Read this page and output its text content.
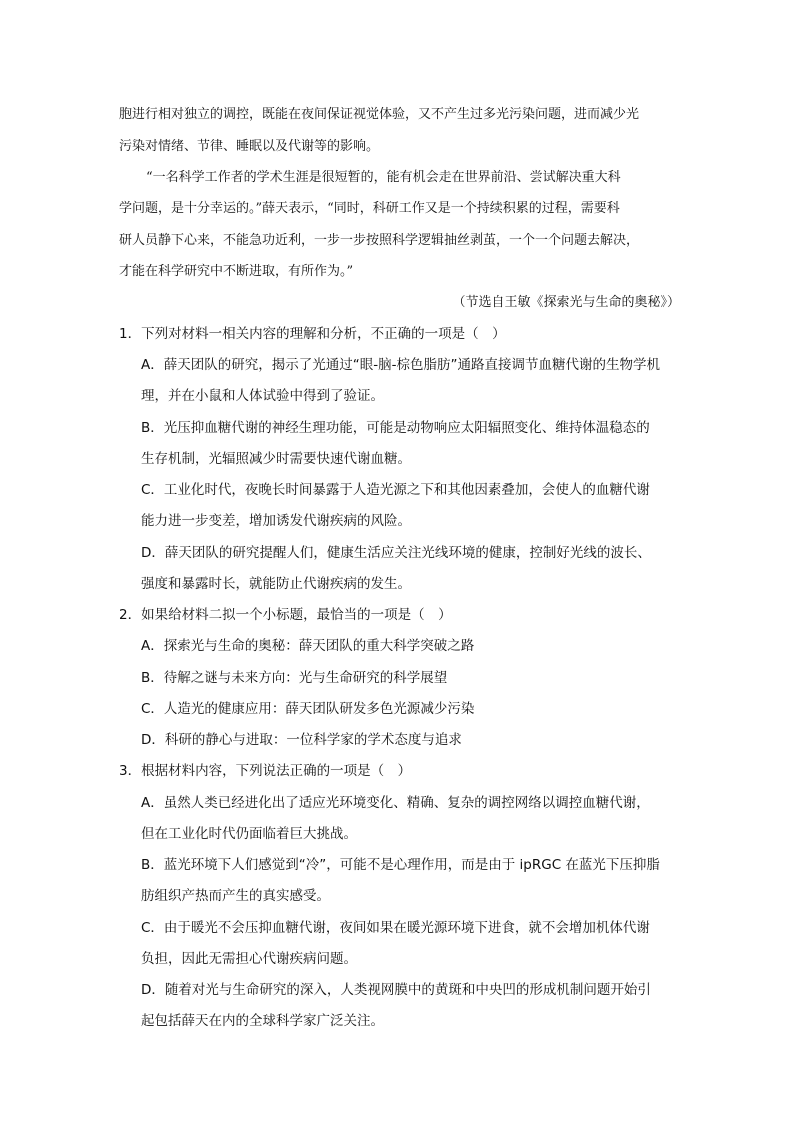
胞进行相对独立的调控，既能在夜间保证视觉体验，又不产生过多光污染问题，进而减少光
污染对情绪、节律、睡眠以及代谢等的影响。
“一名科学工作者的学术生涯是很短暂的，能有机会走在世界前沿、尝试解决重大科
学问题，是十分幸运的。”薛天表示，“同时，科研工作又是一个持续积累的过程，需要科
研人员静下心来，不能急功近利，一步一步按照科学逻辑抽丝剥茧，一个一个问题去解决，
才能在科学研究中不断进取，有所作为。”
（节选自王敏《探索光与生命的奥秘》）
1．下列对材料一相关内容的理解和分析，不正确的一项是（　）
A．薛天团队的研究，揭示了光通过“眼-脑-棕色脂肪”通路直接调节血糖代谢的生物学机
理，并在小鼠和人体试验中得到了验证。
B．光压抑血糖代谢的神经生理功能，可能是动物响应太阳辐照变化、维持体温稳态的
生存机制，光辐照减少时需要快速代谢血糖。
C．工业化时代，夜晚长时间暴露于人造光源之下和其他因素叠加，会使人的血糖代谢
能力进一步变差，增加诱发代谢疾病的风险。
D．薛天团队的研究提醒人们，健康生活应关注光线环境的健康，控制好光线的波长、
强度和暴露时长，就能防止代谢疾病的发生。
2．如果给材料二拟一个小标题，最恰当的一项是（　）
A．探索光与生命的奥秘：薛天团队的重大科学突破之路
B．待解之谜与未来方向：光与生命研究的科学展望
C．人造光的健康应用：薛天团队研发多色光源减少污染
D．科研的静心与进取：一位科学家的学术态度与追求
3．根据材料内容，下列说法正确的一项是（　）
A．虽然人类已经进化出了适应光环境变化、精确、复杂的调控网络以调控血糖代谢，
但在工业化时代仍面临着巨大挑战。
B．蓝光环境下人们感觉到“冷”，可能不是心理作用，而是由于 ipRGC 在蓝光下压抑脂
肪组织产热而产生的真实感受。
C．由于暖光不会压抑血糖代谢，夜间如果在暖光源环境下进食，就不会增加机体代谢
负担，因此无需担心代谢疾病问题。
D．随着对光与生命研究的深入，人类视网膜中的黄斑和中央凹的形成机制问题开始引
起包括薛天在内的全球科学家广泛关注。
